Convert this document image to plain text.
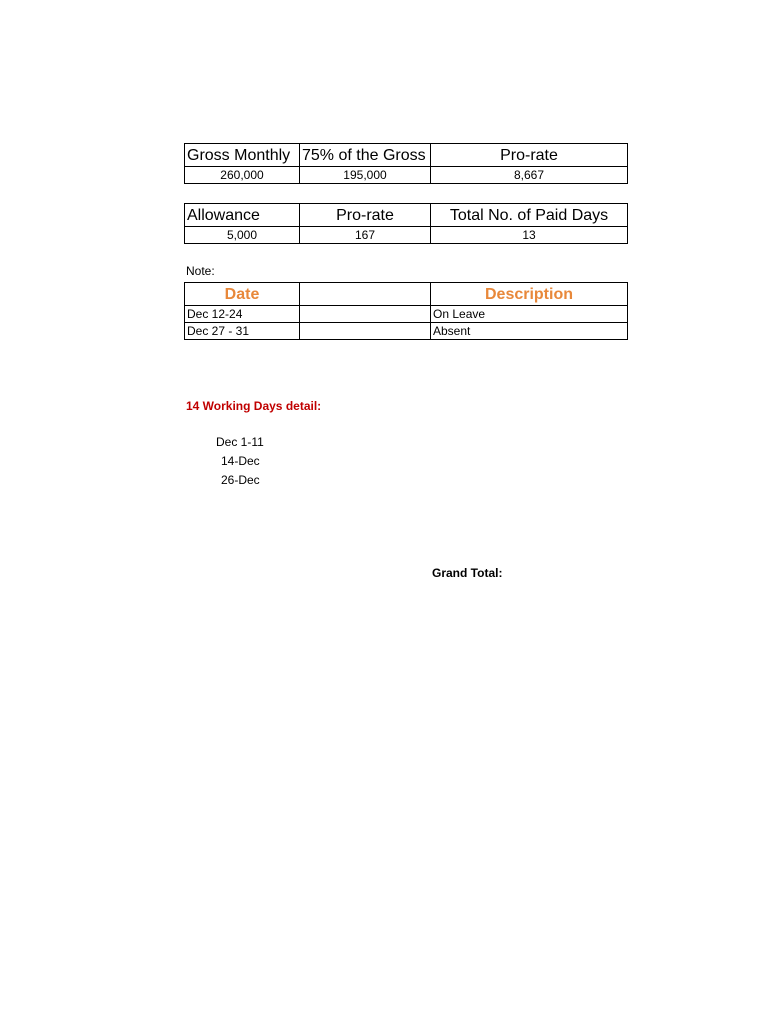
Gross Monthly	75% of the Gross	Pro-rate
260,000	195,000	8,667
Allowance	Pro-rate	Total No. of Paid Days
5,000	167	13
Note:
Date		Description
Dec 12-24		On Leave
Dec 27 - 31		Absent
14 Working Days detail:
Dec 1-11
14-Dec
26-Dec
Grand Total:
